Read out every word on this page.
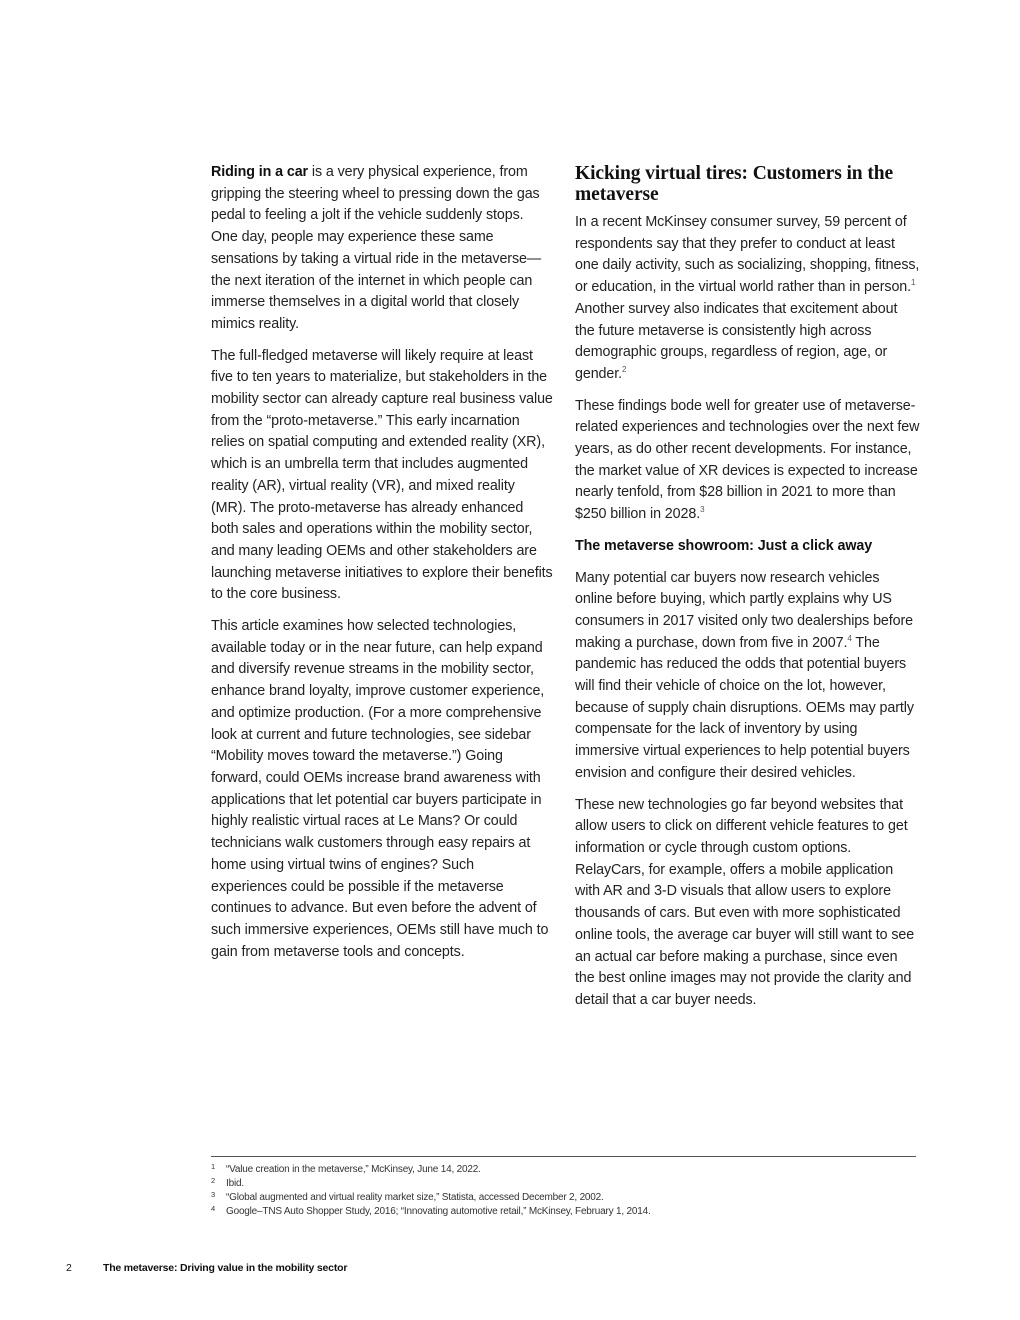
Riding in a car is a very physical experience, from gripping the steering wheel to pressing down the gas pedal to feeling a jolt if the vehicle suddenly stops. One day, people may experience these same sensations by taking a virtual ride in the metaverse—the next iteration of the internet in which people can immerse themselves in a digital world that closely mimics reality.

The full-fledged metaverse will likely require at least five to ten years to materialize, but stakeholders in the mobility sector can already capture real business value from the “proto-metaverse.” This early incarnation relies on spatial computing and extended reality (XR), which is an umbrella term that includes augmented reality (AR), virtual reality (VR), and mixed reality (MR). The proto-metaverse has already enhanced both sales and operations within the mobility sector, and many leading OEMs and other stakeholders are launching metaverse initiatives to explore their benefits to the core business.

This article examines how selected technologies, available today or in the near future, can help expand and diversify revenue streams in the mobility sector, enhance brand loyalty, improve customer experience, and optimize production. (For a more comprehensive look at current and future technologies, see sidebar “Mobility moves toward the metaverse.”) Going forward, could OEMs increase brand awareness with applications that let potential car buyers participate in highly realistic virtual races at Le Mans? Or could technicians walk customers through easy repairs at home using virtual twins of engines? Such experiences could be possible if the metaverse continues to advance. But even before the advent of such immersive experiences, OEMs still have much to gain from metaverse tools and concepts.

Kicking virtual tires: Customers in the metaverse

In a recent McKinsey consumer survey, 59 percent of respondents say that they prefer to conduct at least one daily activity, such as socializing, shopping, fitness, or education, in the virtual world rather than in person.$^1$ Another survey also indicates that excitement about the future metaverse is consistently high across demographic groups, regardless of region, age, or gender.$^2$

These findings bode well for greater use of metaverse-related experiences and technologies over the next few years, as do other recent developments. For instance, the market value of XR devices is expected to increase nearly tenfold, from $28 billion in 2021 to more than $250 billion in 2028.$^3$

The metaverse showroom: Just a click away

Many potential car buyers now research vehicles online before buying, which partly explains why US consumers in 2017 visited only two dealerships before making a purchase, down from five in 2007.$^4$ The pandemic has reduced the odds that potential buyers will find their vehicle of choice on the lot, however, because of supply chain disruptions. OEMs may partly compensate for the lack of inventory by using immersive virtual experiences to help potential buyers envision and configure their desired vehicles.

These new technologies go far beyond websites that allow users to click on different vehicle features to get information or cycle through custom options. RelayCars, for example, offers a mobile application with AR and 3-D visuals that allow users to explore thousands of cars. But even with more sophisticated online tools, the average car buyer will still want to see an actual car before making a purchase, since even the best online images may not provide the clarity and detail that a car buyer needs.

1	“Value creation in the metaverse,” McKinsey, June 14, 2022.
2	Ibid.
3	“Global augmented and virtual reality market size,” Statista, accessed December 2, 2002.
4	Google–TNS Auto Shopper Study, 2016; “Innovating automotive retail,” McKinsey, February 1, 2014.
2	The metaverse: Driving value in the mobility sector
